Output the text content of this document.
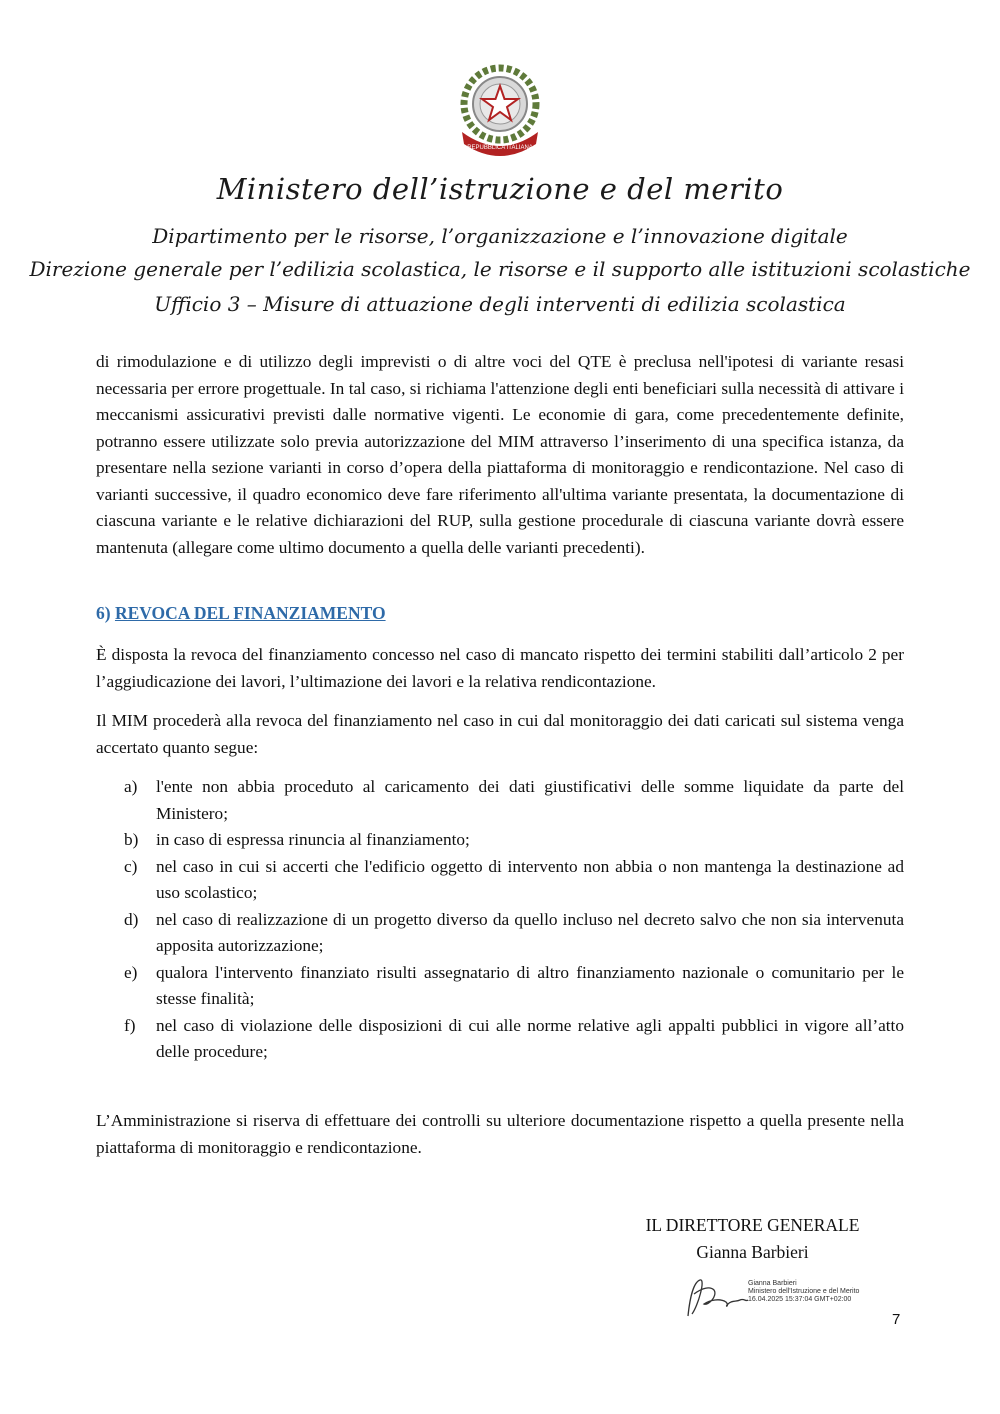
REPUBBLICA ITALIANA
Ministero dell’istruzione e del merito
Dipartimento per le risorse, l’organizzazione e l’innovazione digitale
Direzione generale per l’edilizia scolastica, le risorse e il supporto alle istituzioni scolastiche
Ufficio 3 – Misure di attuazione degli interventi di edilizia scolastica
di rimodulazione e di utilizzo degli imprevisti o di altre voci del QTE è preclusa nell'ipotesi di variante resasi necessaria per errore progettuale. In tal caso, si richiama l'attenzione degli enti beneficiari sulla necessità di attivare i meccanismi assicurativi previsti dalle normative vigenti. Le economie di gara, come precedentemente definite, potranno essere utilizzate solo previa autorizzazione del MIM attraverso l’inserimento di una specifica istanza, da presentare nella sezione varianti in corso d’opera della piattaforma di monitoraggio e rendicontazione. Nel caso di varianti successive, il quadro economico deve fare riferimento all'ultima variante presentata, la documentazione di ciascuna variante e le relative dichiarazioni del RUP, sulla gestione procedurale di ciascuna variante dovrà essere mantenuta (allegare come ultimo documento a quella delle varianti precedenti).
6) REVOCA DEL FINANZIAMENTO
È disposta la revoca del finanziamento concesso nel caso di mancato rispetto dei termini stabiliti dall’articolo 2 per l’aggiudicazione dei lavori, l’ultimazione dei lavori e la relativa rendicontazione.
Il MIM procederà alla revoca del finanziamento nel caso in cui dal monitoraggio dei dati caricati sul sistema venga accertato quanto segue:
a)	l'ente non abbia proceduto al caricamento dei dati giustificativi delle somme liquidate da parte del Ministero;
b)	in caso di espressa rinuncia al finanziamento;
c)	nel caso in cui si accerti che l'edificio oggetto di intervento non abbia o non mantenga la destinazione ad uso scolastico;
d)	nel caso di realizzazione di un progetto diverso da quello incluso nel decreto salvo che non sia intervenuta apposita autorizzazione;
e)	qualora l'intervento finanziato risulti assegnatario di altro finanziamento nazionale o comunitario per le stesse finalità;
f)	nel caso di violazione delle disposizioni di cui alle norme relative agli appalti pubblici in vigore all’atto delle procedure;
L’Amministrazione si riserva di effettuare dei controlli su ulteriore documentazione rispetto a quella presente nella piattaforma di monitoraggio e rendicontazione.
IL DIRETTORE GENERALE
Gianna Barbieri
Gianna Barbieri
Ministero dell'Istruzione e del Merito
16.04.2025 15:37:04 GMT+02:00
7
